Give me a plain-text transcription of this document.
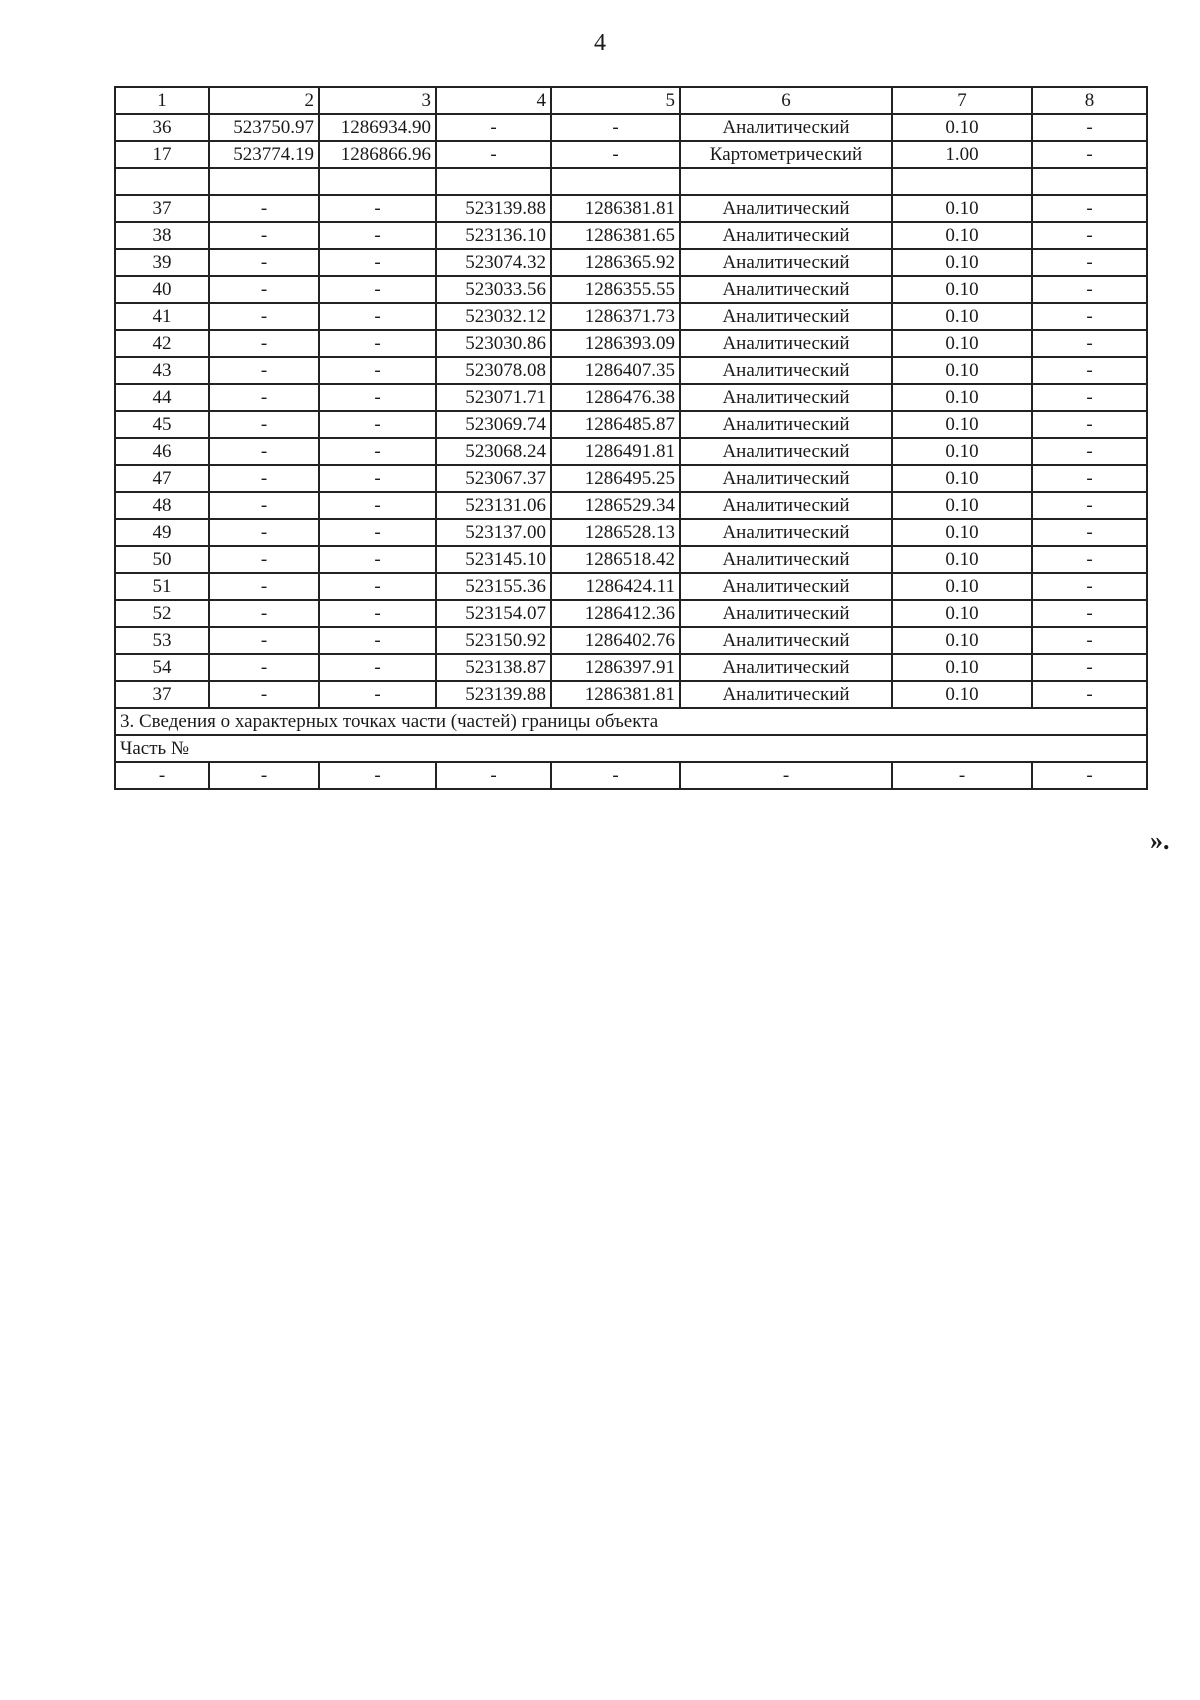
4
1	2	3	4	5	6	7	8
36	523750.97	1286934.90	-	-	Аналитический	0.10	-
17	523774.19	1286866.96	-	-	Картометрический	1.00	-

37	-	-	523139.88	1286381.81	Аналитический	0.10	-
38	-	-	523136.10	1286381.65	Аналитический	0.10	-
39	-	-	523074.32	1286365.92	Аналитический	0.10	-
40	-	-	523033.56	1286355.55	Аналитический	0.10	-
41	-	-	523032.12	1286371.73	Аналитический	0.10	-
42	-	-	523030.86	1286393.09	Аналитический	0.10	-
43	-	-	523078.08	1286407.35	Аналитический	0.10	-
44	-	-	523071.71	1286476.38	Аналитический	0.10	-
45	-	-	523069.74	1286485.87	Аналитический	0.10	-
46	-	-	523068.24	1286491.81	Аналитический	0.10	-
47	-	-	523067.37	1286495.25	Аналитический	0.10	-
48	-	-	523131.06	1286529.34	Аналитический	0.10	-
49	-	-	523137.00	1286528.13	Аналитический	0.10	-
50	-	-	523145.10	1286518.42	Аналитический	0.10	-
51	-	-	523155.36	1286424.11	Аналитический	0.10	-
52	-	-	523154.07	1286412.36	Аналитический	0.10	-
53	-	-	523150.92	1286402.76	Аналитический	0.10	-
54	-	-	523138.87	1286397.91	Аналитический	0.10	-
37	-	-	523139.88	1286381.81	Аналитический	0.10	-
3. Сведения о характерных точках части (частей) границы объекта							
Часть №							
-	-	-	-	-	-	-	-
».
